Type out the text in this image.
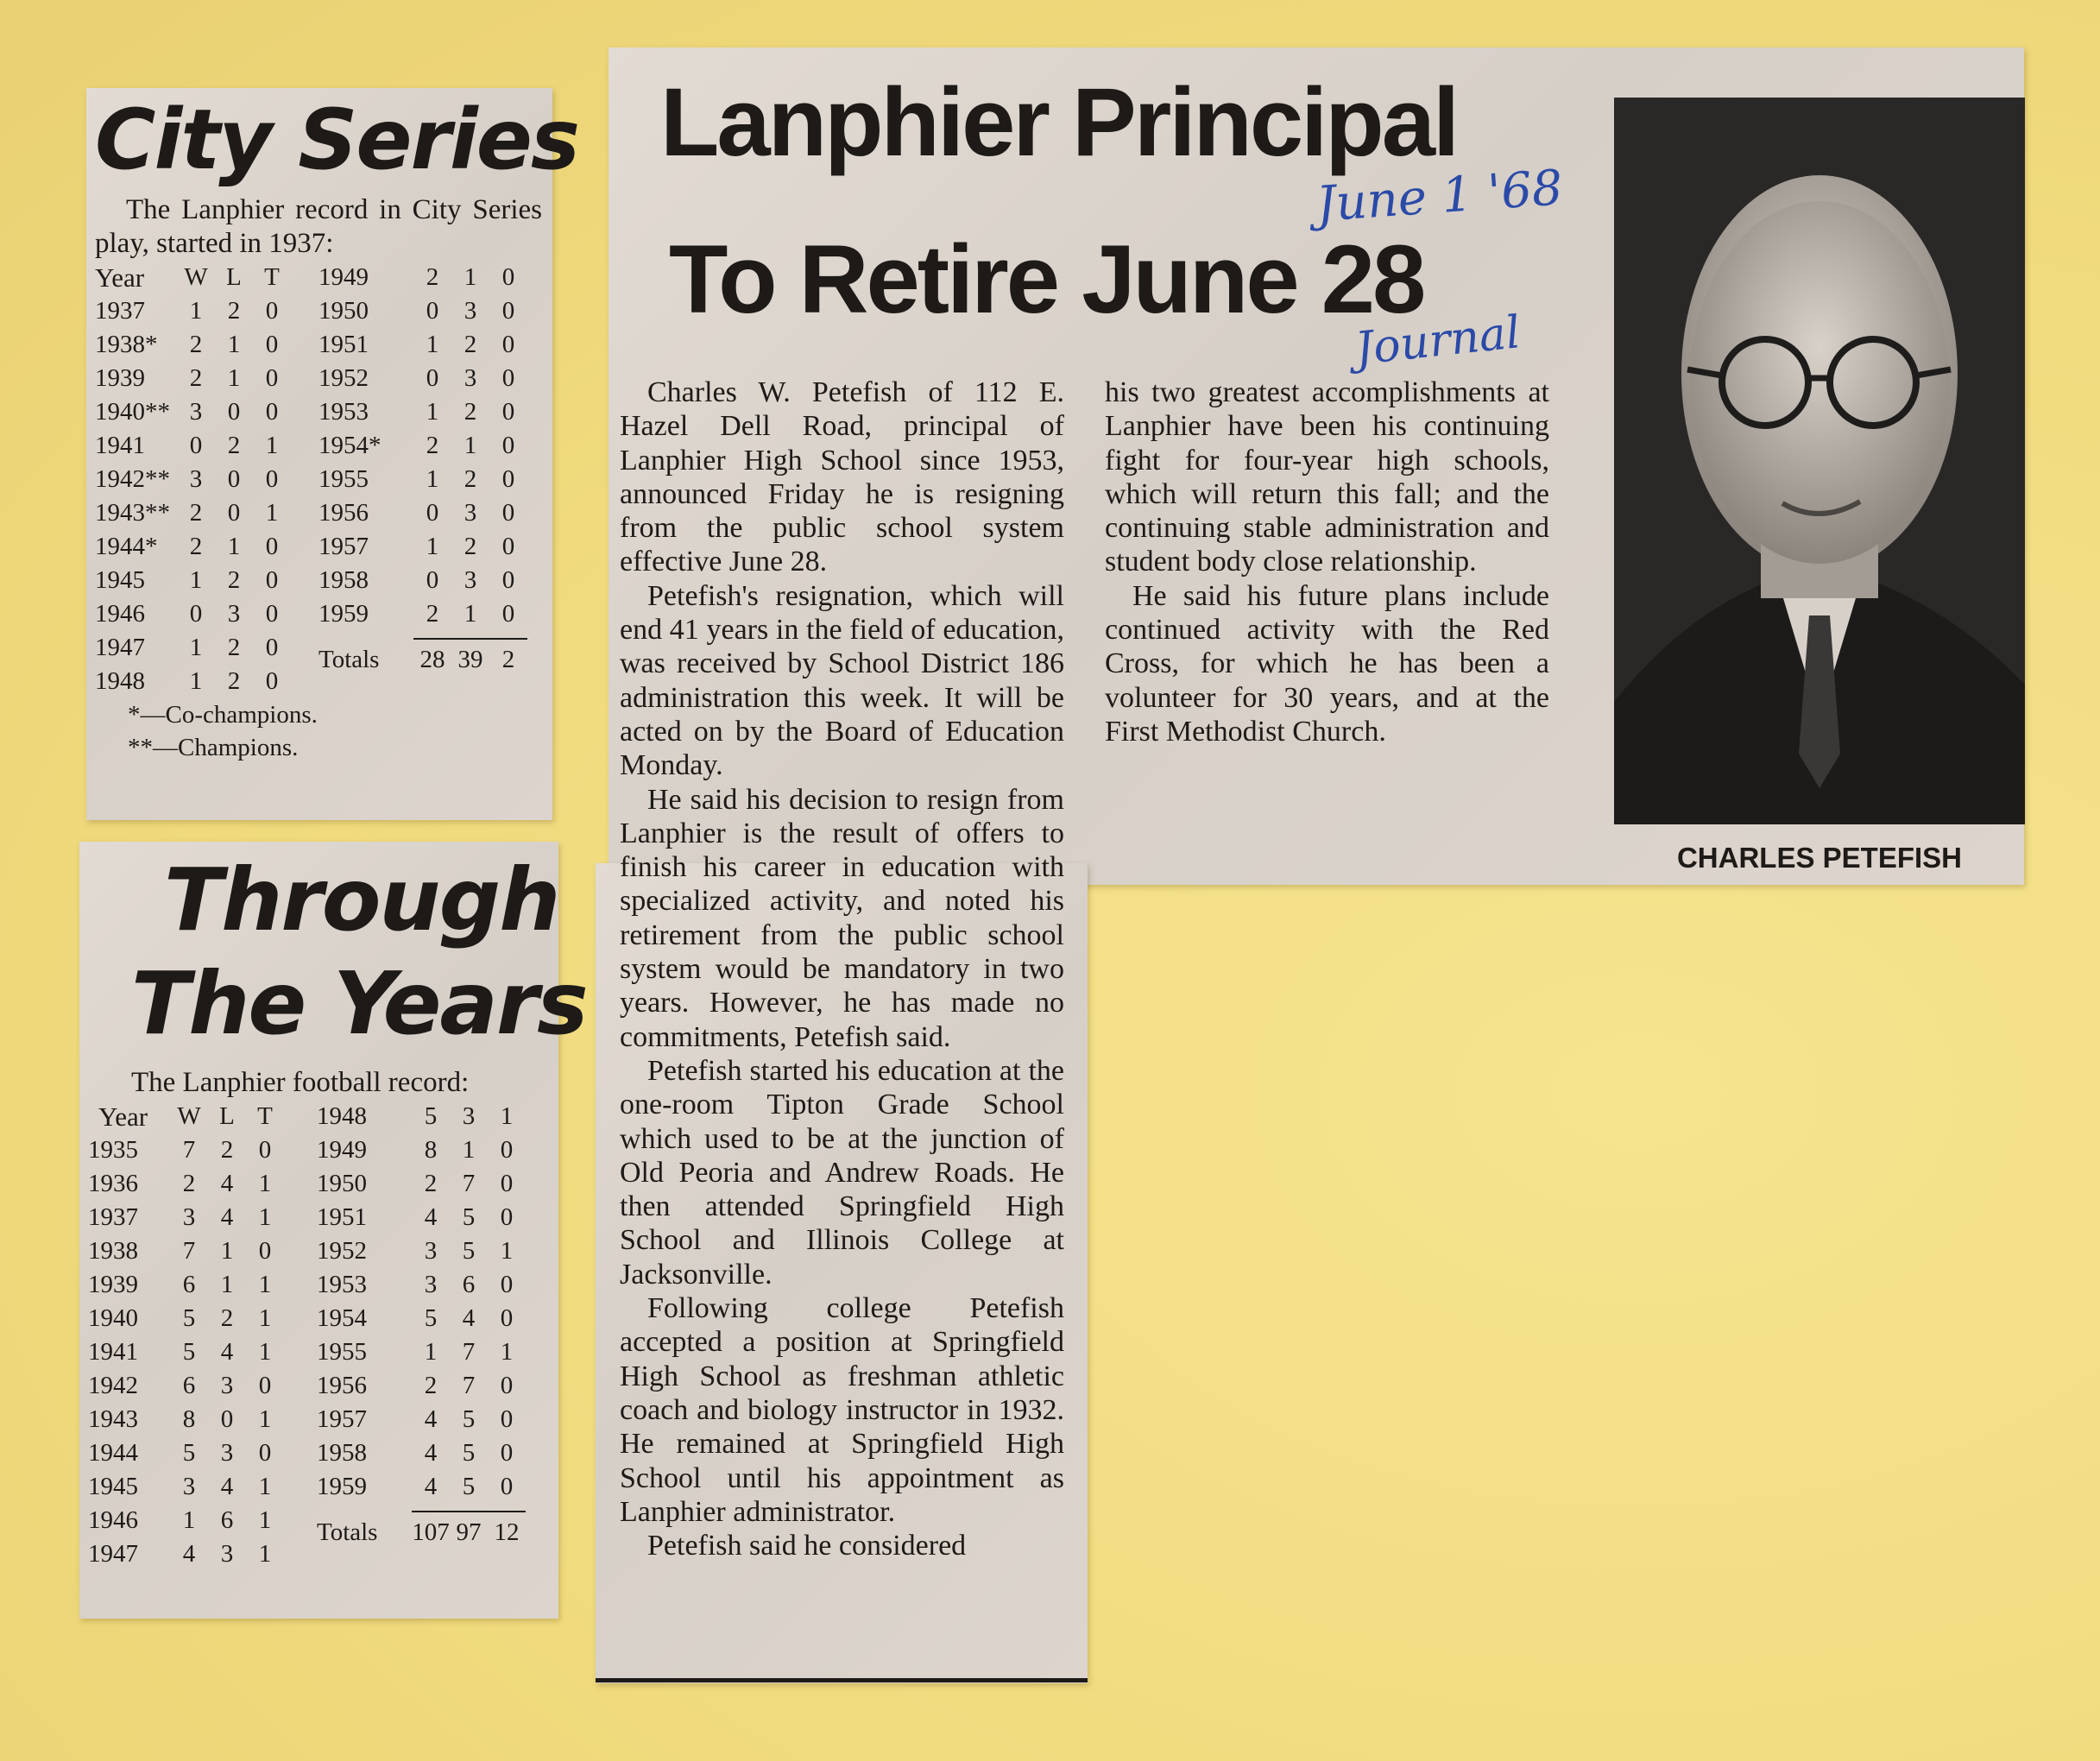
City Series
The Lanphier record in City Series play, started in 1937:
Year	W L T
1937	1	2	0
1938*	2	1	0
1939	2	1	0
1940** 3	0	0
1941	0	2	1
1942** 3	0	0
1943** 2	0	1
1944*	2	1	0
1945	1	2	0
1946	0	3	0
1947	1	2	0
1948	1	2	0
1949	2	1	0
1950	0	3	0
1951	1	2	0
1952	0	3	0
1953	1	2	0
1954*	2	1	0
1955	1	2	0
1956	0	3	0
1957	1	2	0
1958	0	3	0
1959	2	1	0
Totals	28 39 2
*—Co-champions.
**—Champions.
Through
The Years
The Lanphier football record:
Year	W L T
1935	7	2	0
1936	2	4	1
1937	3	4	1
1938	7	1	0
1939	6	1	1
1940	5	2	1
1941	5	4	1
1942	6	3	0
1943	8	0	1
1944	5	3	0
1945	3	4	1
1946	1	6	1
1947	4	3	1
1948	5	3	1
1949	8	1	0
1950	2	7	0
1951	4	5	0
1952	3	5	1
1953	3	6	0
1954	5	4	0
1955	1	7	1
1956	2	7	0
1957	4	5	0
1958	4	5	0
1959	4	5	0
Totals	107 97 12
Lanphier Principal
To Retire June 28
June 1 '68
Journal

Charles W. Petefish of 112 E. Hazel Dell Road, principal of Lanphier High School since 1953, announced Friday he is resigning from the public school system effective June 28.

Petefish's resignation, which will end 41 years in the field of education, was received by School District 186 administration this week. It will be acted on by the Board of Education Monday.

He said his decision to resign from Lanphier is the result of offers to finish his career in education with specialized activity, and noted his retirement from the public school system would be mandatory in two years. However, he has made no commitments, Petefish said.

Petefish started his education at the one-room Tipton Grade School which used to be at the junction of Old Peoria and Andrew Roads. He then attended Springfield High School and Illinois College at Jacksonville.

Following college Petefish accepted a position at Springfield High School as freshman athletic coach and biology instructor in 1932. He remained at Springfield High School until his appointment as Lanphier administrator.

Petefish said he considered

his two greatest accomplishments at Lanphier have been his continuing fight for four-year high schools, which will return this fall; and the continuing stable administration and student body close relationship.

He said his future plans include continued activity with the Red Cross, for which he has been a volunteer for 30 years, and at the First Methodist Church.

CHARLES PETEFISH
